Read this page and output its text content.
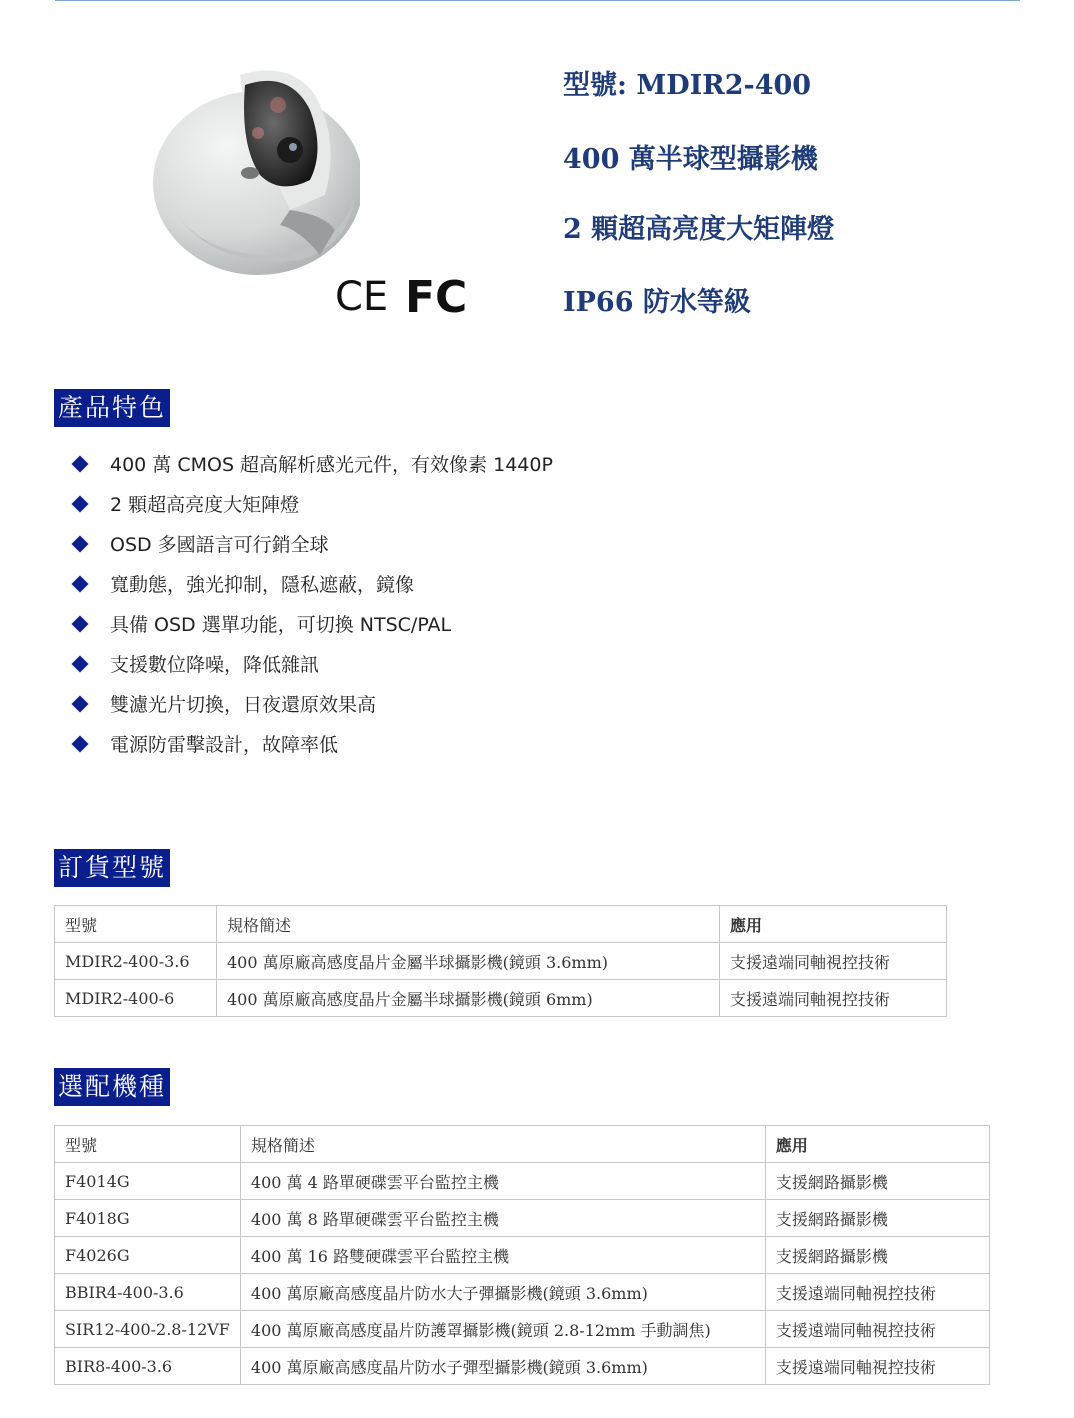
CE FC
型號: MDIR2-400
400 萬半球型攝影機
2 顆超高亮度大矩陣燈
IP66 防水等級
產品特色
400 萬 CMOS 超高解析感光元件，有效像素 1440P
2 顆超高亮度大矩陣燈
OSD 多國語言可行銷全球
寬動態，強光抑制，隱私遮蔽，鏡像
具備 OSD 選單功能，可切換 NTSC/PAL
支援數位降噪，降低雜訊
雙濾光片切換，日夜還原效果高
電源防雷擊設計，故障率低
訂貨型號
型號	規格簡述	應用
MDIR2-400-3.6	400 萬原廠高感度晶片金屬半球攝影機(鏡頭 3.6mm)	支援遠端同軸視控技術
MDIR2-400-6	400 萬原廠高感度晶片金屬半球攝影機(鏡頭 6mm)	支援遠端同軸視控技術
選配機種
型號	規格簡述	應用
F4014G	400 萬 4 路單硬碟雲平台監控主機	支援網路攝影機
F4018G	400 萬 8 路單硬碟雲平台監控主機	支援網路攝影機
F4026G	400 萬 16 路雙硬碟雲平台監控主機	支援網路攝影機
BBIR4-400-3.6	400 萬原廠高感度晶片防水大子彈攝影機(鏡頭 3.6mm)	支援遠端同軸視控技術
SIR12-400-2.8-12VF	400 萬原廠高感度晶片防護罩攝影機(鏡頭 2.8-12mm 手動調焦)	支援遠端同軸視控技術
BIR8-400-3.6	400 萬原廠高感度晶片防水子彈型攝影機(鏡頭 3.6mm)	支援遠端同軸視控技術
